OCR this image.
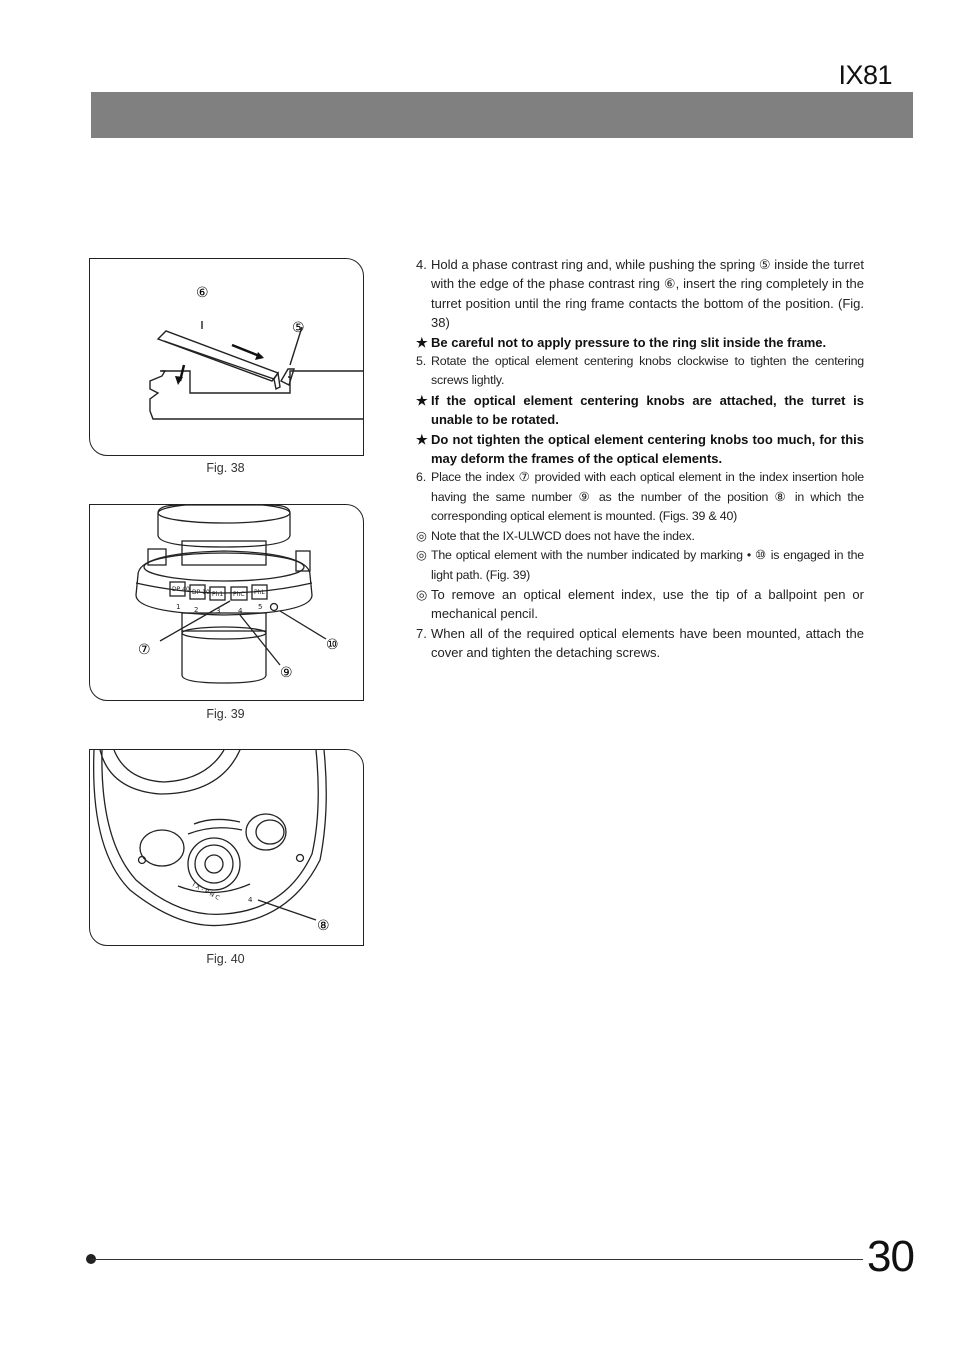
IX81
⑥
⑤
Fig. 38
DP 40 DP 10 Ph1 PhC PhL
1 2	3	4 5
⑦
⑨
⑩
Fig. 39
I X - P N C	4
⑧
Fig. 40
4. Hold a phase contrast ring and, while pushing the spring ⑤ inside the turret with the edge of the phase contrast ring ⑥, insert the ring completely in the turret position until the ring frame contacts the bottom of the position. (Fig. 38)
★ Be careful not to apply pressure to the ring slit inside the frame.
5. Rotate the optical element centering knobs clockwise to tighten the centering screws lightly.
★ If the optical element centering knobs are attached, the turret is unable to be rotated.
★ Do not tighten the optical element centering knobs too much, for this may deform the frames of the optical elements.
6. Place the index ⑦ provided with each optical element in the index insertion hole having the same number ⑨ as the number of the position ⑧ in which the corresponding optical element is mounted. (Figs. 39 & 40)
◎ Note that the IX-ULWCD does not have the index.
◎ The optical element with the number indicated by marking • ⑩ is engaged in the light path. (Fig. 39)
◎ To remove an optical element index, use the tip of a ballpoint pen or mechanical pencil.
7. When all of the required optical elements have been mounted, attach the cover and tighten the detaching screws.
30
